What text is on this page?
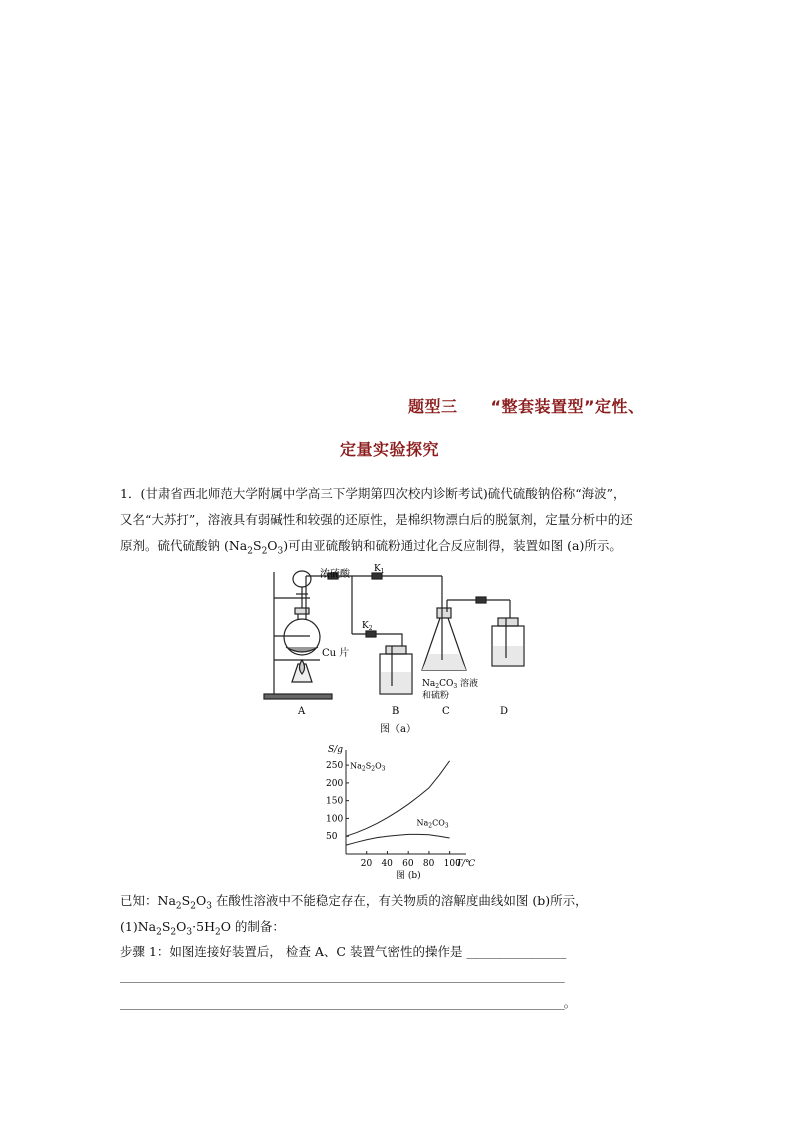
题型三　　“整套装置型”定性、
定量实验探究
1．(甘肃省西北师范大学附属中学高三下学期第四次校内诊断考试)硫代硫酸钠俗称“海波”，
又名“大苏打”，溶液具有弱碱性和较强的还原性，是棉织物漂白后的脱氯剂，定量分析中的还
原剂。硫代硫酸钠 $(Na_2S_2O_3)$可由亚硫酸钠和硫粉通过化合反应制得，装置如图 (a)所示。
浓硫酸	$K_1$
$K_2$
Cu 片
$Na_2CO_3$ 溶液
和硫粉
A	B	C	D
图（a）
S/g
T/℃
20 40 60 80 100
50
100
150
200
250 $Na_2S_2O_3$
$Na_2CO_3$
图 (b)
已知：$Na_2S_2O_3$ 在酸性溶液中不能稳定存在，有关物质的溶解度曲线如图 (b)所示，
$(1)Na_2S_2O_3\cdot 5H_2O$ 的制备：
步骤 1：如图连接好装置后， 检查 A、C 装置气密性的操作是 ________________
____________________________________________________________________
____________________________________________________________________。
